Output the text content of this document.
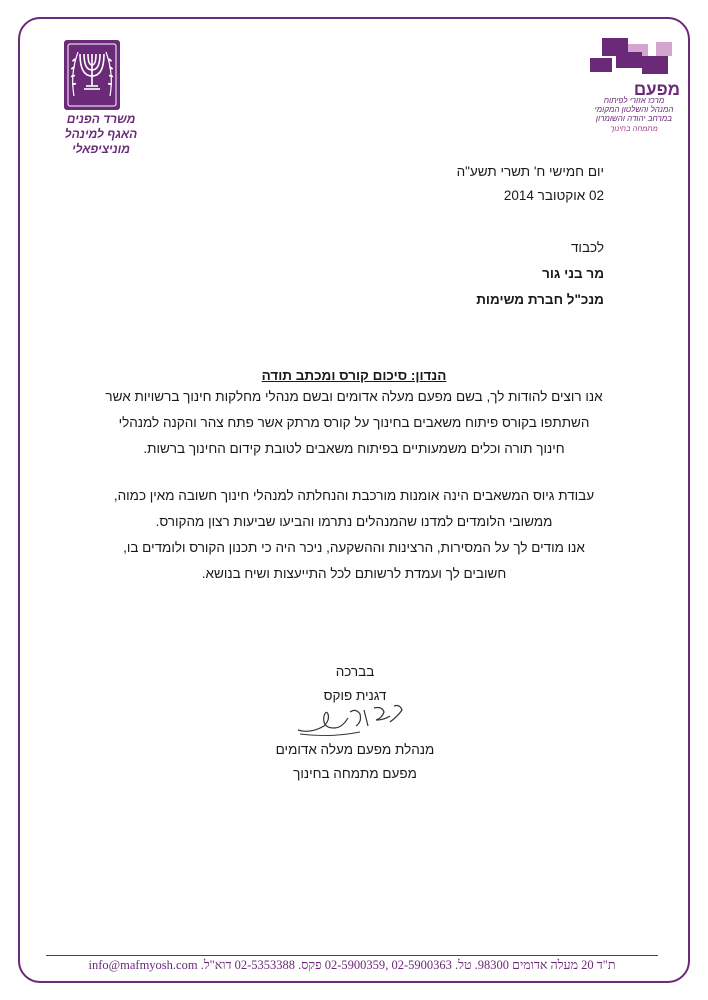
משרד הפנים
האגף למינהל מוניציפאלי
מפעם
מרכז אזורי לפיתוח
המנהל והשלטון המקומי
במרחב יהודה והשומרון
מתמחה בחינוך
יום חמישי ח' תשרי תשע"ה
02 אוקטובר 2014
לכבוד
מר בני גור
מנכ"ל חברת משימות
הנדון: סיכום קורס ומכתב תודה
אנו רוצים להודות לך, בשם מפעם מעלה אדומים ובשם מנהלי מחלקות חינוך ברשויות אשר
השתתפו בקורס פיתוח משאבים בחינוך על קורס מרתק אשר פתח צהר והקנה למנהלי
חינוך תורה וכלים משמעותיים בפיתוח משאבים לטובת קידום החינוך ברשות.
עבודת גיוס המשאבים הינה אומנות מורכבת והנחלתה למנהלי חינוך חשובה מאין כמוה,
ממשובי הלומדים למדנו שהמנהלים נתרמו והביעו שביעות רצון מהקורס.
אנו מודים לך על המסירות, הרצינות וההשקעה, ניכר היה כי תכנון הקורס ולומדים בו,
חשובים לך ועמדת לרשותם לכל התייעצות ושיח בנושא.
בברכה
דגנית פוקס
מנהלת מפעם מעלה אדומים
מפעם מתמחה בחינוך
ת"ד 20 מעלה אדומים 98300. טל. 02-5900363 ,02-5900359 פקס. 02-5353388 דוא"ל. info@mafmyosh.com
